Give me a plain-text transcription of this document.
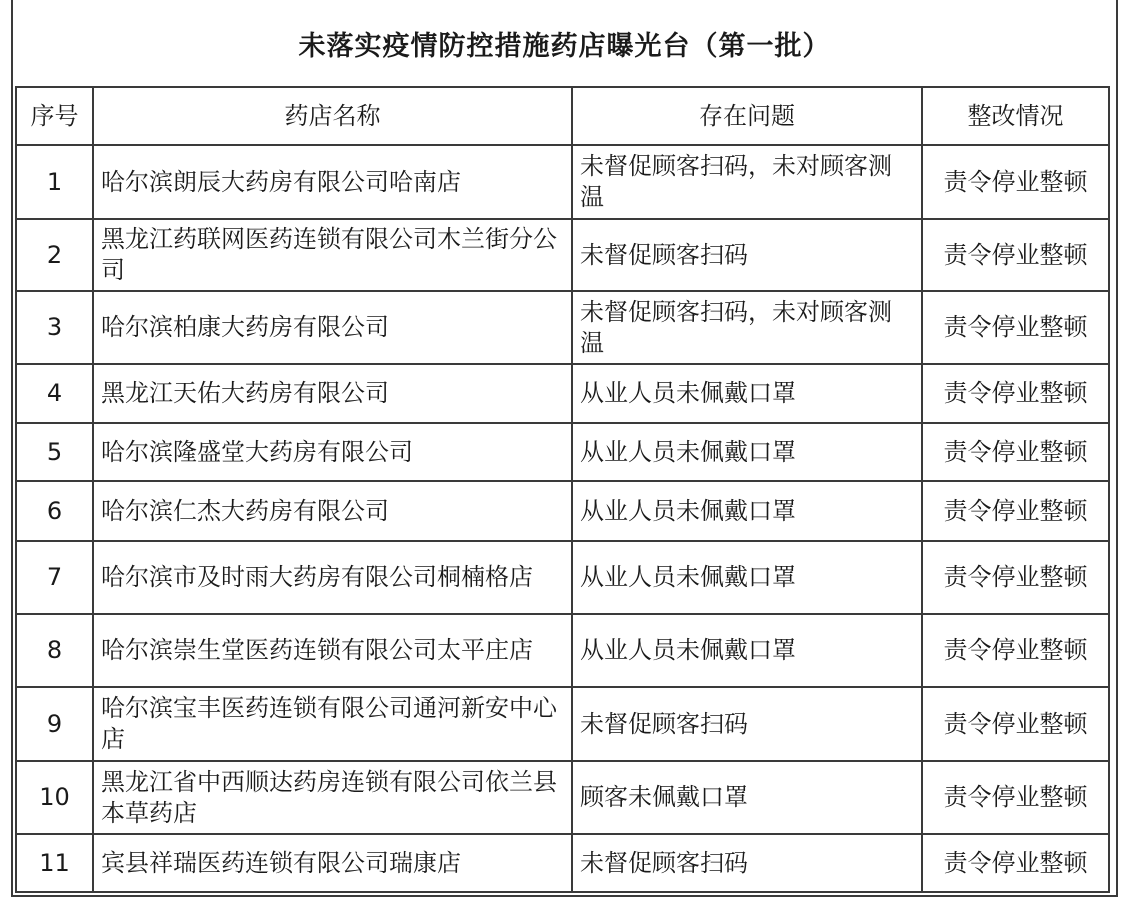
未落实疫情防控措施药店曝光台（第一批）
序号	药店名称	存在问题	整改情况
1	哈尔滨朗辰大药房有限公司哈南店	未督促顾客扫码，未对顾客测温	责令停业整顿
2	黑龙江药联网医药连锁有限公司木兰街分公司	未督促顾客扫码	责令停业整顿
3	哈尔滨柏康大药房有限公司	未督促顾客扫码，未对顾客测温	责令停业整顿
4	黑龙江天佑大药房有限公司	从业人员未佩戴口罩	责令停业整顿
5	哈尔滨隆盛堂大药房有限公司	从业人员未佩戴口罩	责令停业整顿
6	哈尔滨仁杰大药房有限公司	从业人员未佩戴口罩	责令停业整顿
7	哈尔滨市及时雨大药房有限公司桐楠格店	从业人员未佩戴口罩	责令停业整顿
8	哈尔滨崇生堂医药连锁有限公司太平庄店	从业人员未佩戴口罩	责令停业整顿
9	哈尔滨宝丰医药连锁有限公司通河新安中心店	未督促顾客扫码	责令停业整顿
10	黑龙江省中西顺达药房连锁有限公司依兰县本草药店	顾客未佩戴口罩	责令停业整顿
11	宾县祥瑞医药连锁有限公司瑞康店	未督促顾客扫码	责令停业整顿
